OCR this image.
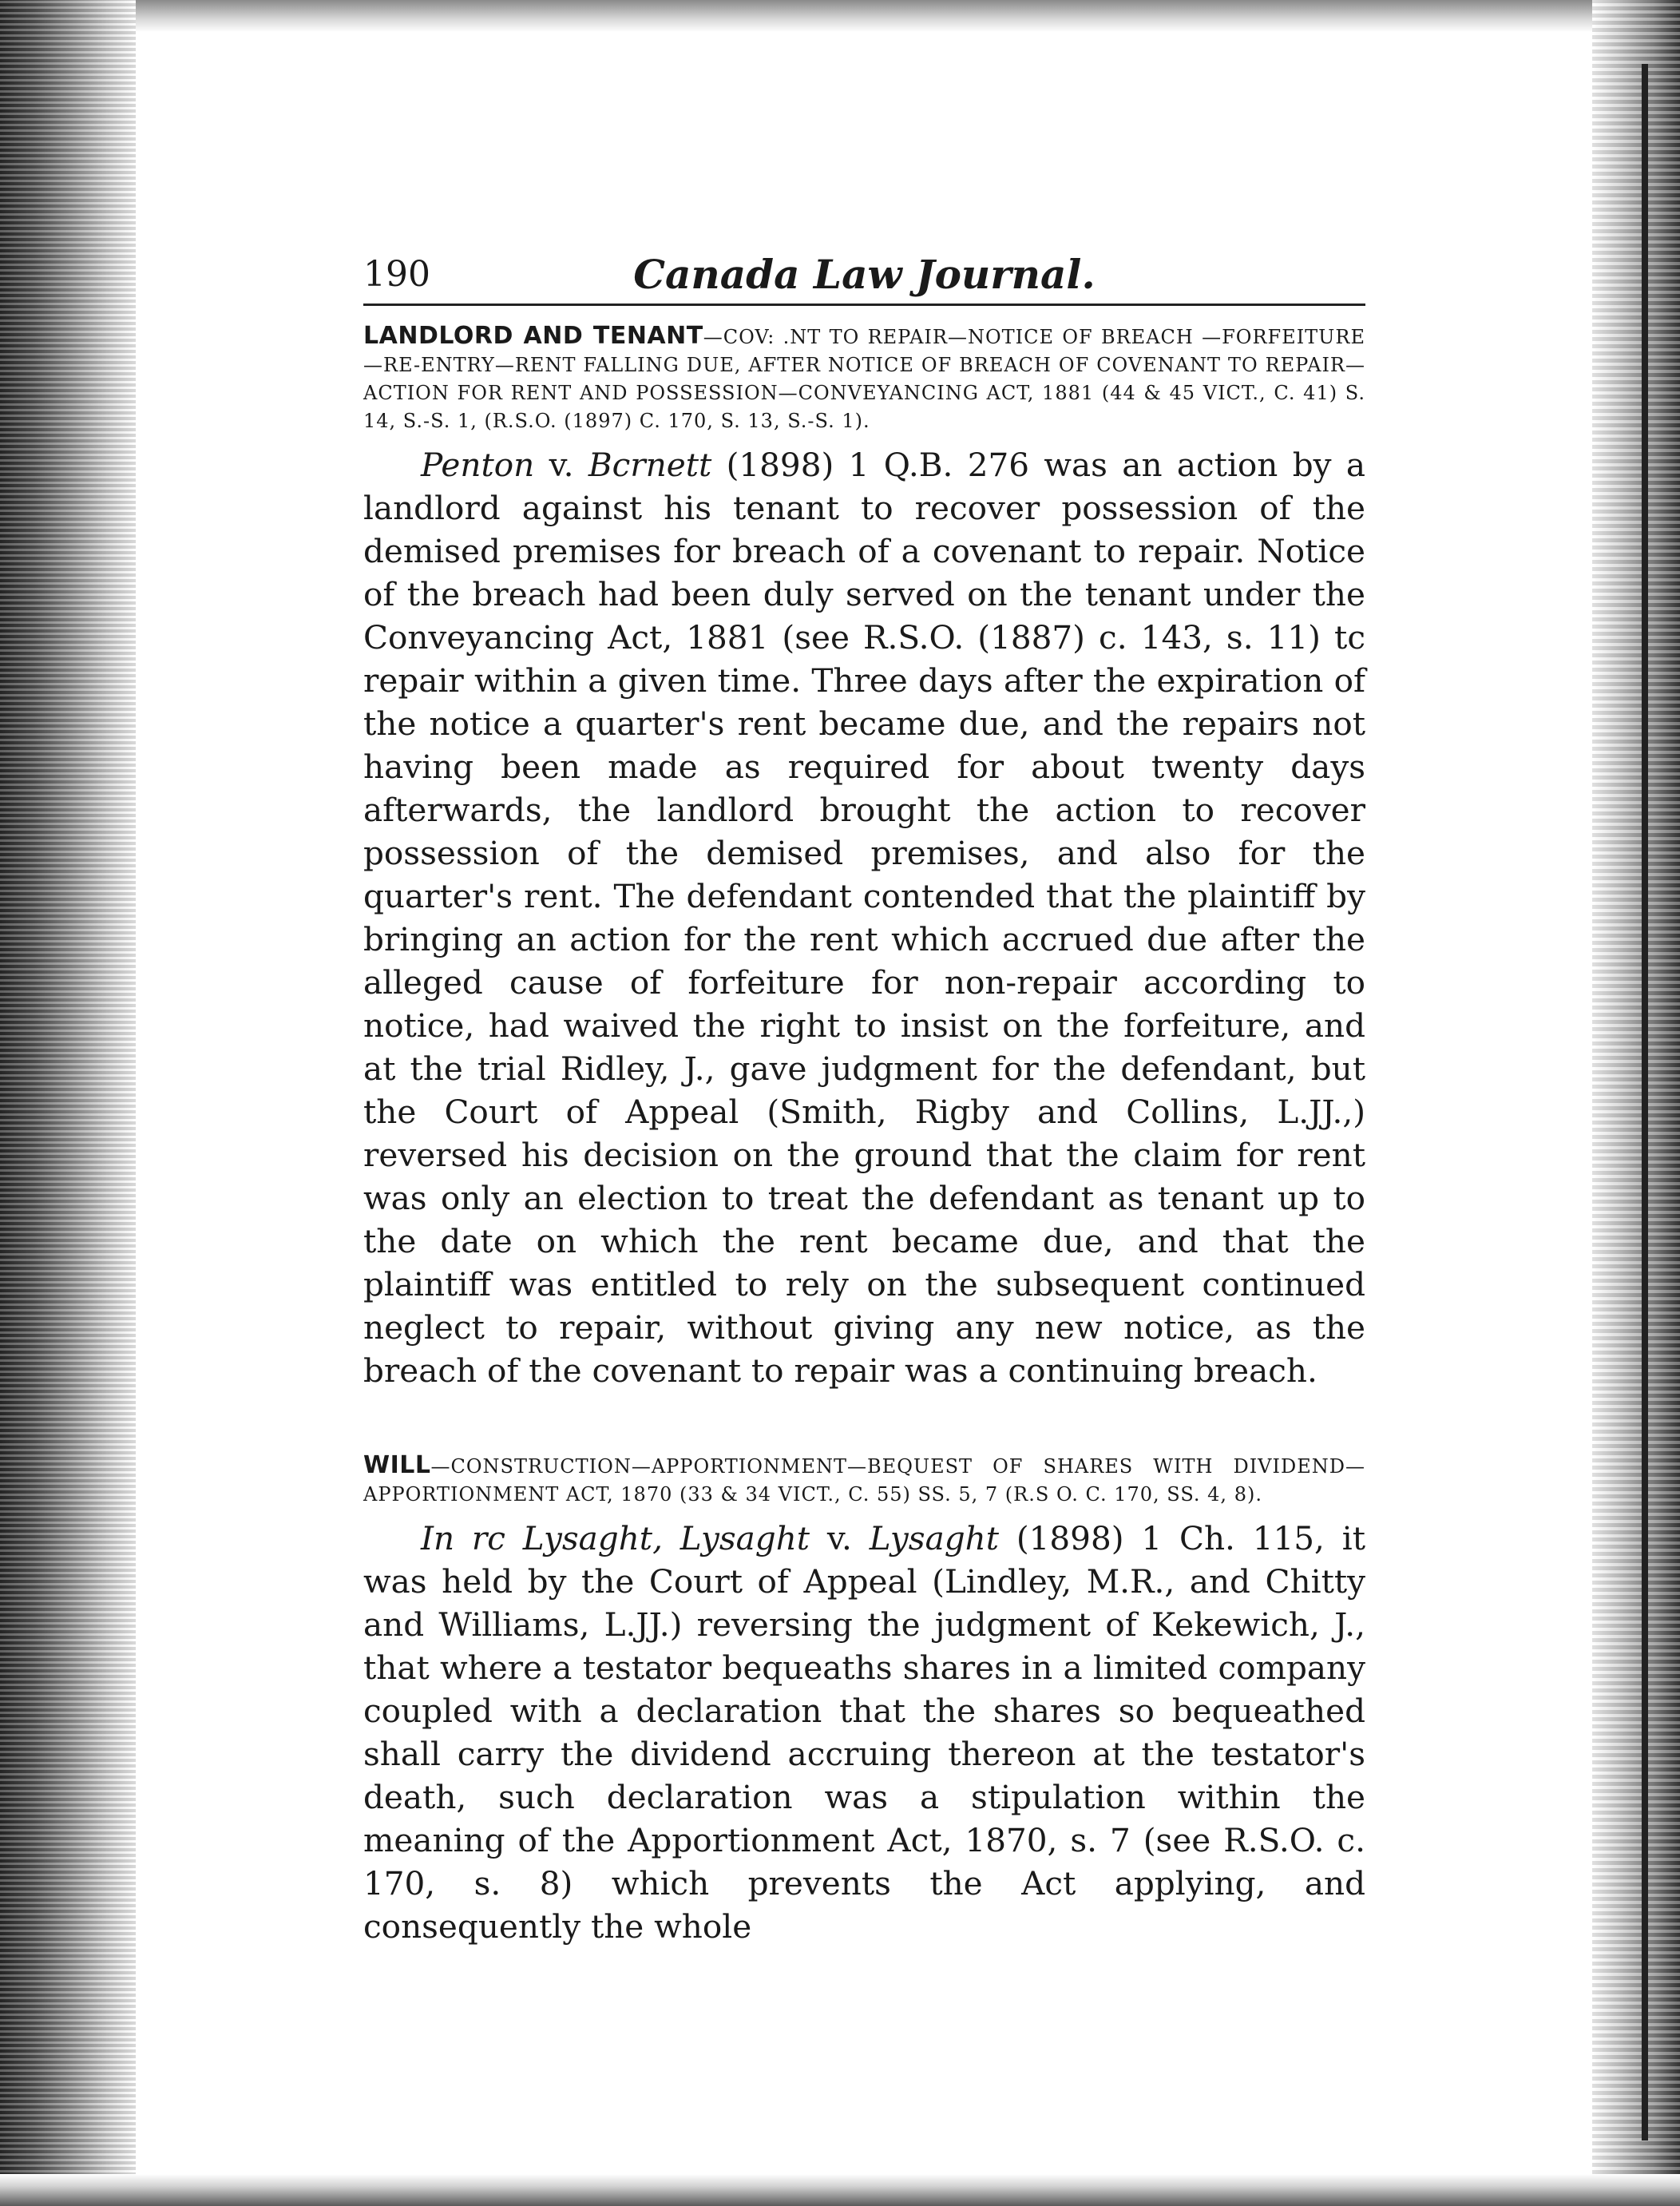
190	Canada Law Journal.
LANDLORD AND TENANT—COV: .NT TO REPAIR—NOTICE OF BREACH —FORFEITURE—RE-ENTRY—RENT FALLING DUE, AFTER NOTICE OF BREACH OF COVENANT TO REPAIR—ACTION FOR RENT AND POSSESSION—CONVEYANCING ACT, 1881 (44 & 45 VICT., C. 41) S. 14, S.-S. 1, (R.S.O. (1897) C. 170, S. 13, S.-S. 1).

Penton v. Bcrnett (1898) 1 Q.B. 276 was an action by a landlord against his tenant to recover possession of the demised premises for breach of a covenant to repair. Notice of the breach had been duly served on the tenant under the Conveyancing Act, 1881 (see R.S.O. (1887) c. 143, s. 11) tc repair within a given time. Three days after the expiration of the notice a quarter's rent became due, and the repairs not having been made as required for about twenty days afterwards, the landlord brought the action to recover possession of the demised premises, and also for the quarter's rent. The defendant contended that the plaintiff by bringing an action for the rent which accrued due after the alleged cause of forfeiture for non-repair according to notice, had waived the right to insist on the forfeiture, and at the trial Ridley, J., gave judgment for the defendant, but the Court of Appeal (Smith, Rigby and Collins, L.JJ.,) reversed his decision on the ground that the claim for rent was only an election to treat the defendant as tenant up to the date on which the rent became due, and that the plaintiff was entitled to rely on the subsequent continued neglect to repair, without giving any new notice, as the breach of the covenant to repair was a continuing breach.

WILL—CONSTRUCTION—APPORTIONMENT—BEQUEST OF SHARES WITH DIVIDEND—APPORTIONMENT ACT, 1870 (33 & 34 VICT., C. 55) SS. 5, 7 (R.S O. C. 170, SS. 4, 8).

In rc Lysaght, Lysaght v. Lysaght (1898) 1 Ch. 115, it was held by the Court of Appeal (Lindley, M.R., and Chitty and Williams, L.JJ.) reversing the judgment of Kekewich, J., that where a testator bequeaths shares in a limited company coupled with a declaration that the shares so bequeathed shall carry the dividend accruing thereon at the testator's death, such declaration was a stipulation within the meaning of the Apportionment Act, 1870, s. 7 (see R.S.O. c. 170, s. 8) which prevents the Act applying, and consequently the whole
